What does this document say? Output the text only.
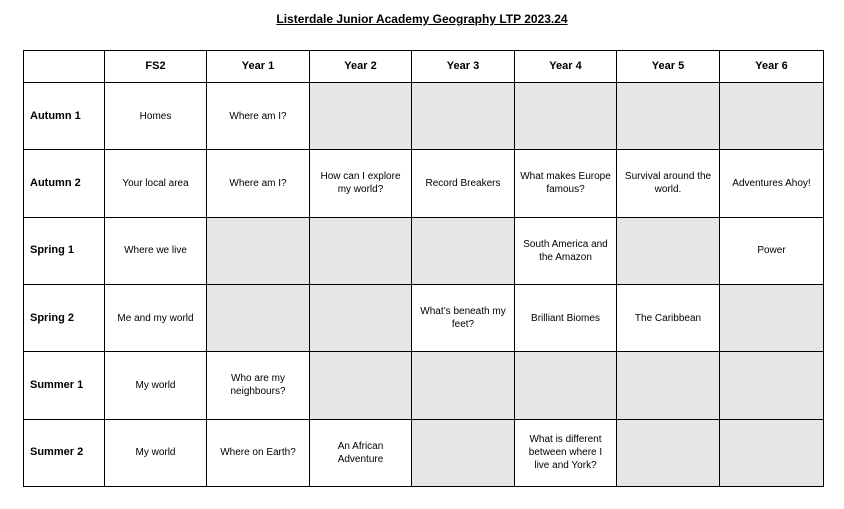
Listerdale Junior Academy Geography LTP 2023.24
	FS2	Year 1	Year 2	Year 3	Year 4	Year 5	Year 6
Autumn 1	Homes	Where am I?					
Autumn 2	Your local area	Where am I?	How can I explore my world?	Record Breakers	What makes Europe famous?	Survival around the world.	Adventures Ahoy!
Spring 1	Where we live				South America and the Amazon		Power
Spring 2	Me and my world			What’s beneath my feet?	Brilliant Biomes	The Caribbean	
Summer 1	My world	Who are my neighbours?					
Summer 2	My world	Where on Earth?	An African Adventure		What is different between where I live and York?		
